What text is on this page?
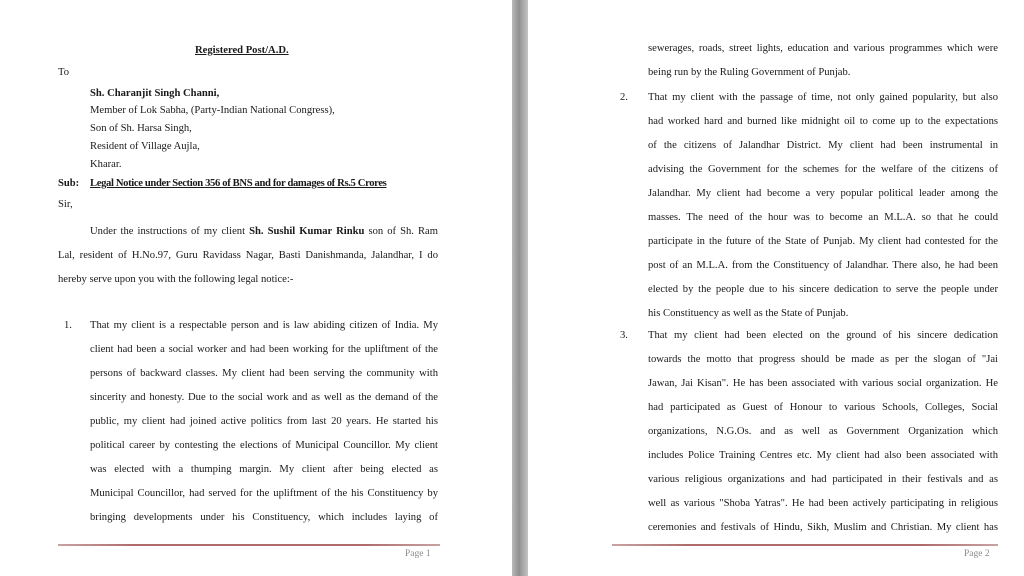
Registered Post/A.D.
To
Sh. Charanjit Singh Channi,
Member of Lok Sabha, (Party-Indian National Congress),
Son of Sh. Harsa Singh,
Resident of Village Aujla,
Kharar.
Sub: Legal Notice under Section 356 of BNS and for damages of Rs.5 Crores
Sir,
Under the instructions of my client Sh. Sushil Kumar Rinku son of Sh. Ram
Lal, resident of H.No.97, Guru Ravidass Nagar, Basti Danishmanda, Jalandhar, I do
hereby serve upon you with the following legal notice:-
1. That my client is a respectable person and is law abiding citizen of India. My
client had been a social worker and had been working for the upliftment of the
persons of backward classes. My client had been serving the community with
sincerity and honesty. Due to the social work and as well as the demand of the
public, my client had joined active politics from last 20 years. He started his
political career by contesting the elections of Municipal Councillor. My client
was elected with a thumping margin. My client after being elected as
Municipal Councillor, had served for the upliftment of the his Constituency by
bringing developments under his Constituency, which includes laying of
Page 1
sewerages, roads, street lights, education and various programmes which were
being run by the Ruling Government of Punjab.
2. That my client with the passage of time, not only gained popularity, but also
had worked hard and burned like midnight oil to come up to the expectations
of the citizens of Jalandhar District. My client had been instrumental in
advising the Government for the schemes for the welfare of the citizens of
Jalandhar. My client had become a very popular political leader among the
masses. The need of the hour was to become an M.L.A. so that he could
participate in the future of the State of Punjab. My client had contested for the
post of an M.L.A. from the Constituency of Jalandhar. There also, he had been
elected by the people due to his sincere dedication to serve the people under
his Constituency as well as the State of Punjab.
3. That my client had been elected on the ground of his sincere dedication
towards the motto that progress should be made as per the slogan of "Jai
Jawan, Jai Kisan". He has been associated with various social organization. He
had participated as Guest of Honour to various Schools, Colleges, Social
organizations, N.G.Os. and as well as Government Organization which
includes Police Training Centres etc. My client had also been associated with
various religious organizations and had participated in their festivals and as
well as various "Shoba Yatras". He had been actively participating in religious
ceremonies and festivals of Hindu, Sikh, Muslim and Christian. My client has
Page 2
